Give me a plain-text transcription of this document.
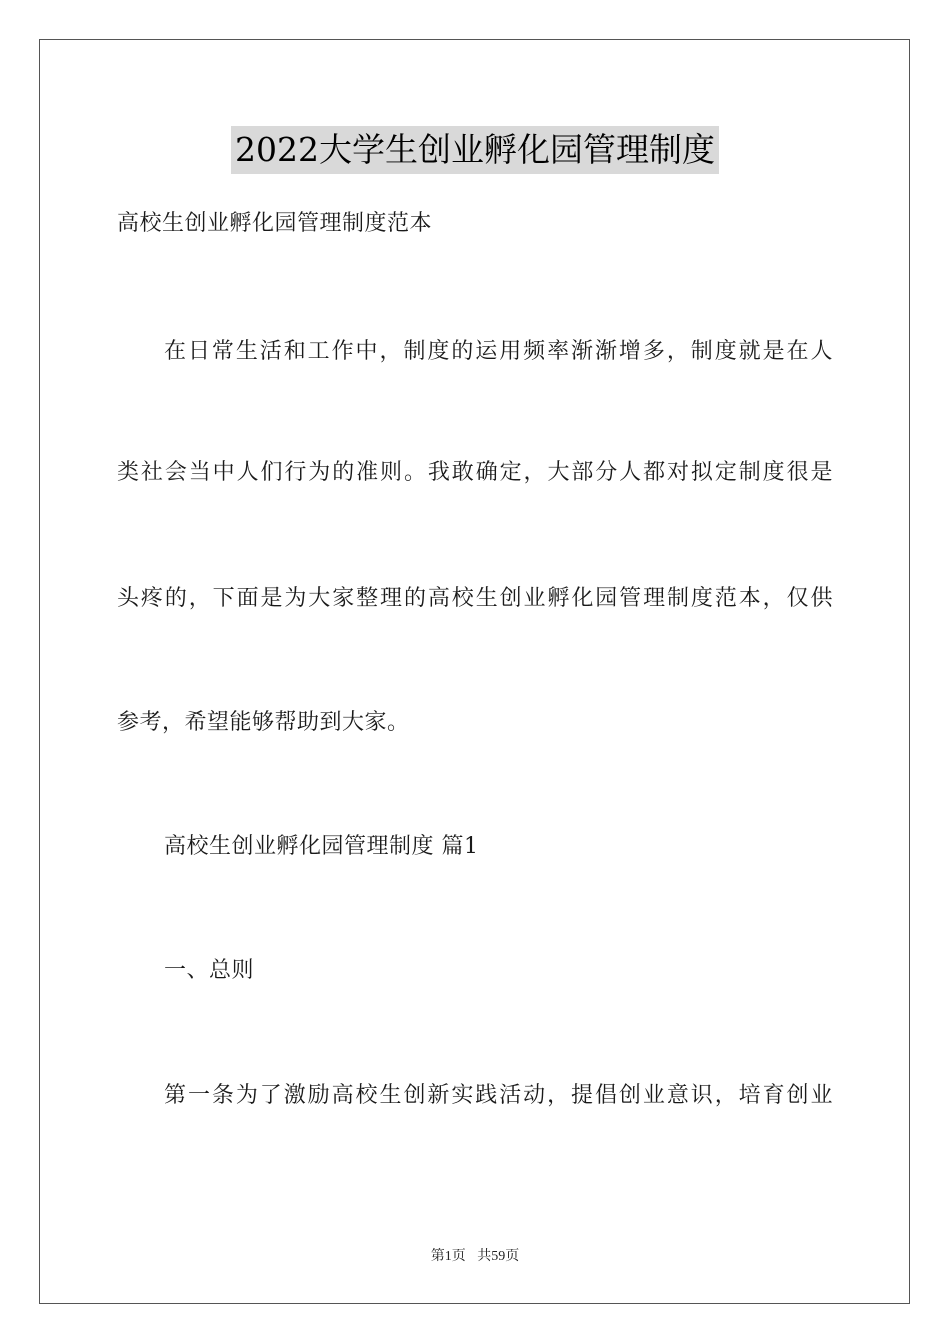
2022大学生创业孵化园管理制度
高校生创业孵化园管理制度范本
在日常生活和工作中，制度的运用频率渐渐增多，制度就是在人
类社会当中人们行为的准则。我敢确定，大部分人都对拟定制度很是
头疼的，下面是为大家整理的高校生创业孵化园管理制度范本，仅供
参考，希望能够帮助到大家。
高校生创业孵化园管理制度 篇1
一、总则
第一条为了激励高校生创新实践活动，提倡创业意识，培育创业
第1页 共59页
